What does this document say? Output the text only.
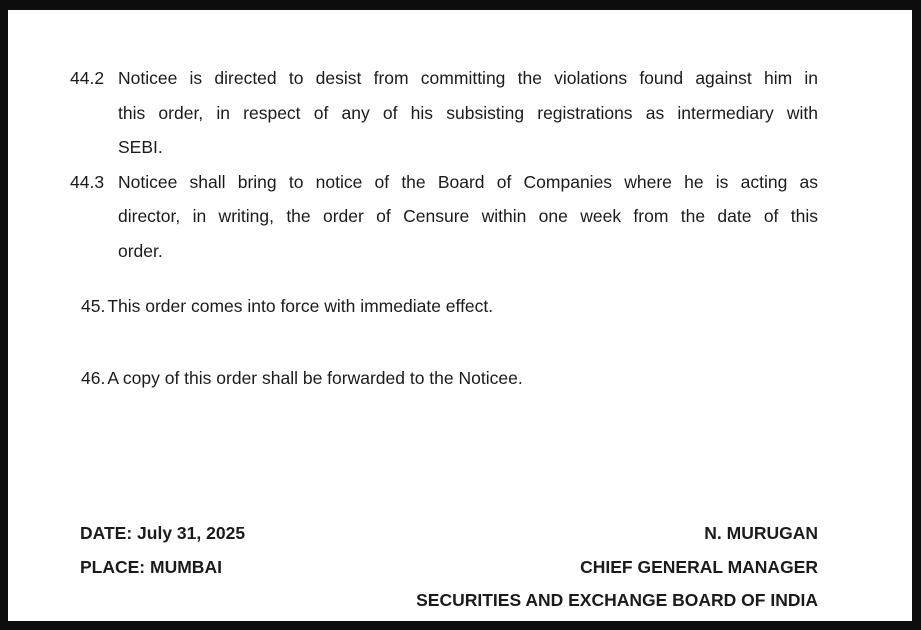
44.2 Noticee is directed to desist from committing the violations found against him in
this order, in respect of any of his subsisting registrations as intermediary with
SEBI.
44.3 Noticee shall bring to notice of the Board of Companies where he is acting as
director, in writing, the order of Censure within one week from the date of this
order.
45. This order comes into force with immediate effect.
46. A copy of this order shall be forwarded to the Noticee.
DATE: July 31, 2025
PLACE: MUMBAI
N. MURUGAN
CHIEF GENERAL MANAGER
SECURITIES AND EXCHANGE BOARD OF INDIA
